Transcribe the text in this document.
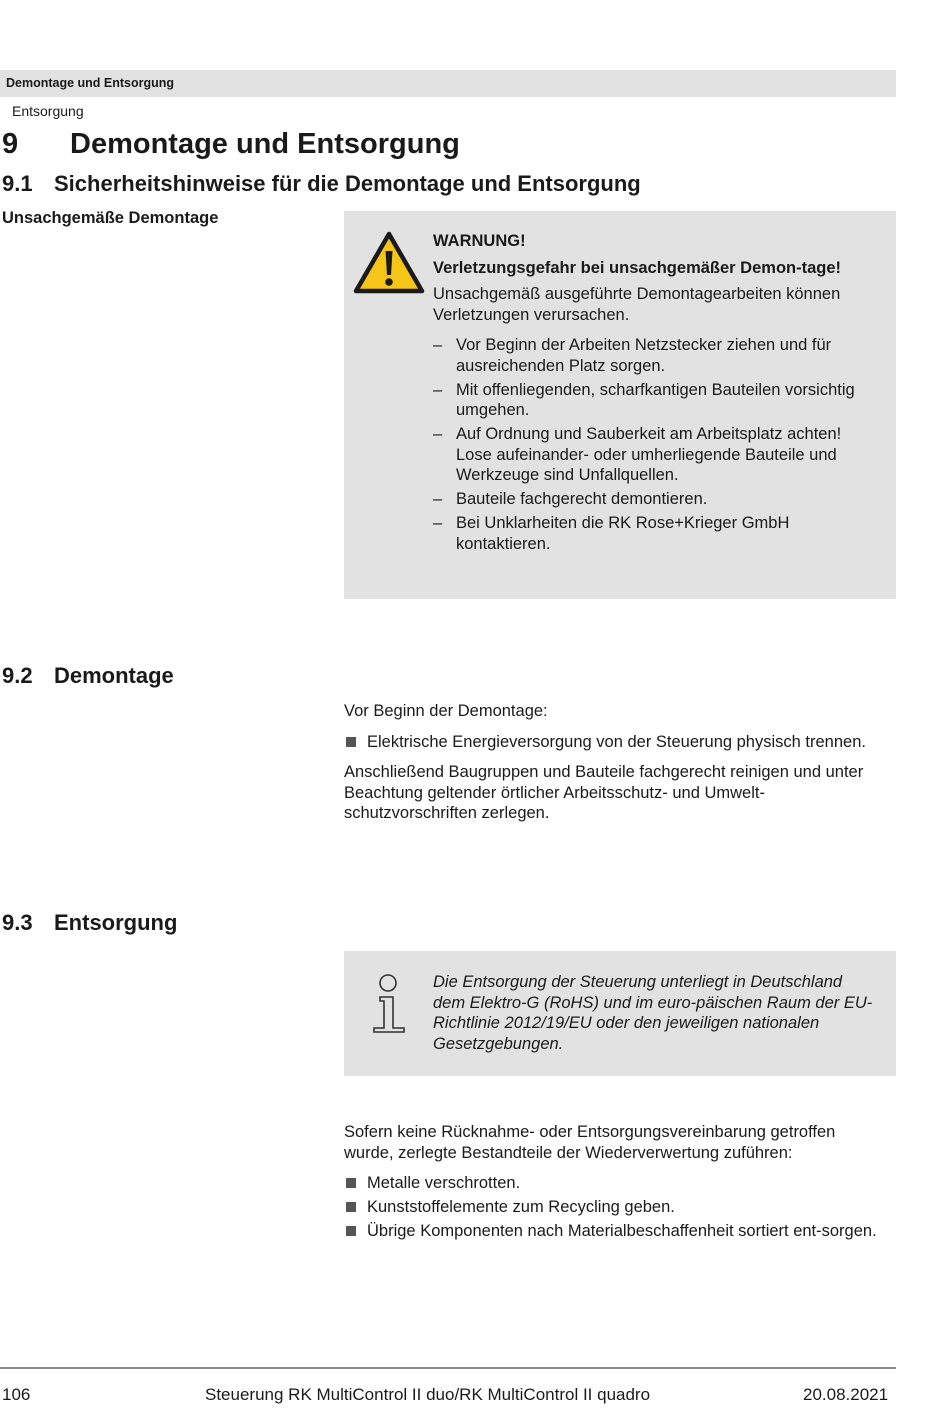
Demontage und Entsorgung
Entsorgung
9 Demontage und Entsorgung
9.1 Sicherheitshinweise für die Demontage und Entsorgung
Unsachgemäße Demontage
WARNUNG!
Verletzungsgefahr bei unsachgemäßer Demon-tage!
Unsachgemäß ausgeführte Demontagearbeiten können Verletzungen verursachen.
– Vor Beginn der Arbeiten Netzstecker ziehen und für ausreichenden Platz sorgen.
– Mit offenliegenden, scharfkantigen Bauteilen vorsichtig umgehen.
– Auf Ordnung und Sauberkeit am Arbeitsplatz achten! Lose aufeinander- oder umherliegende Bauteile und Werkzeuge sind Unfallquellen.
– Bauteile fachgerecht demontieren.
– Bei Unklarheiten die RK Rose+Krieger GmbH kontaktieren.
9.2 Demontage
Vor Beginn der Demontage:
Elektrische Energieversorgung von der Steuerung physisch trennen.
Anschließend Baugruppen und Bauteile fachgerecht reinigen und unter Beachtung geltender örtlicher Arbeitsschutz- und Umwelt-schutzvorschriften zerlegen.
9.3 Entsorgung
Die Entsorgung der Steuerung unterliegt in Deutschland dem Elektro-G (RoHS) und im euro-päischen Raum der EU-Richtlinie 2012/19/EU oder den jeweiligen nationalen Gesetzgebungen.
Sofern keine Rücknahme- oder Entsorgungsvereinbarung getroffen wurde, zerlegte Bestandteile der Wiederverwertung zuführen:
Metalle verschrotten.
Kunststoffelemente zum Recycling geben.
Übrige Komponenten nach Materialbeschaffenheit sortiert ent-sorgen.
106	Steuerung RK MultiControl II duo/RK MultiControl II quadro	20.08.2021
